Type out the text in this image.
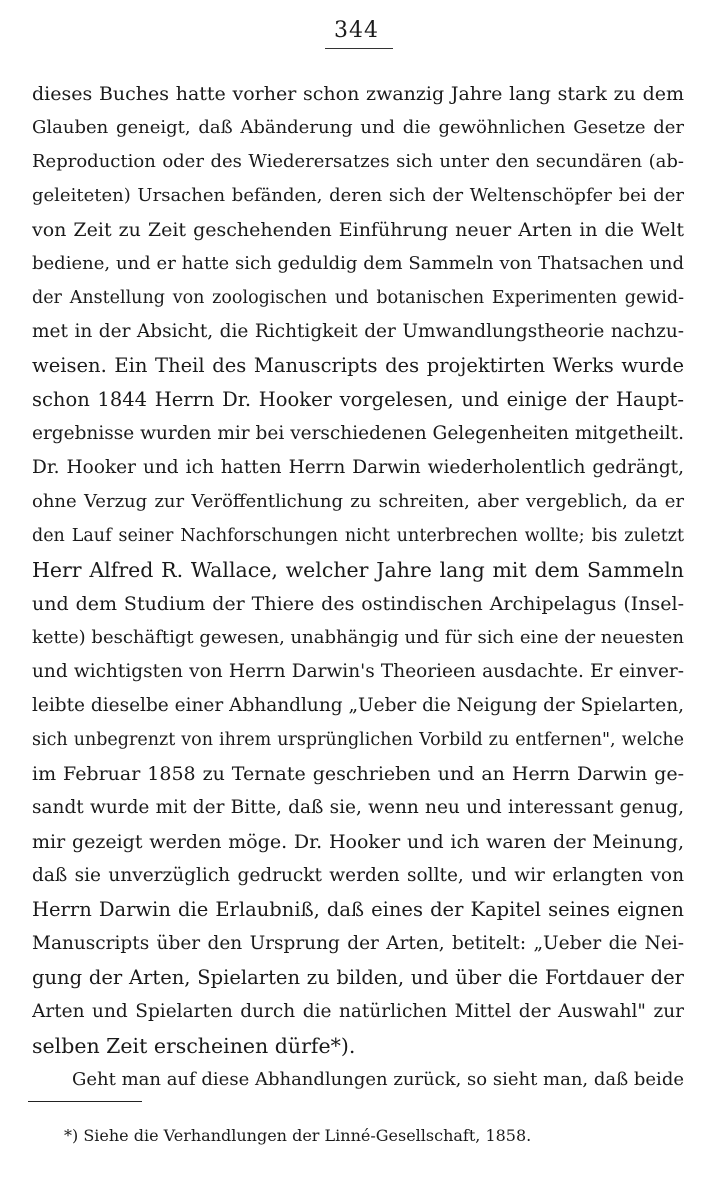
344
dieses Buches hatte vorher schon zwanzig Jahre lang stark zu dem
Glauben geneigt, daß Abänderung und die gewöhnlichen Gesetze der
Reproduction oder des Wiederersatzes sich unter den secundären (ab-
geleiteten) Ursachen befänden, deren sich der Weltenschöpfer bei der
von Zeit zu Zeit geschehenden Einführung neuer Arten in die Welt
bediene, und er hatte sich geduldig dem Sammeln von Thatsachen und
der Anstellung von zoologischen und botanischen Experimenten gewid-
met in der Absicht, die Richtigkeit der Umwandlungstheorie nachzu-
weisen. Ein Theil des Manuscripts des projektirten Werks wurde
schon 1844 Herrn Dr. Hooker vorgelesen, und einige der Haupt-
ergebnisse wurden mir bei verschiedenen Gelegenheiten mitgetheilt.
Dr. Hooker und ich hatten Herrn Darwin wiederholentlich gedrängt,
ohne Verzug zur Veröffentlichung zu schreiten, aber vergeblich, da er
den Lauf seiner Nachforschungen nicht unterbrechen wollte; bis zuletzt
Herr Alfred R. Wallace, welcher Jahre lang mit dem Sammeln
und dem Studium der Thiere des ostindischen Archipelagus (Insel-
kette) beschäftigt gewesen, unabhängig und für sich eine der neuesten
und wichtigsten von Herrn Darwin's Theorieen ausdachte. Er einver-
leibte dieselbe einer Abhandlung „Ueber die Neigung der Spielarten,
sich unbegrenzt von ihrem ursprünglichen Vorbild zu entfernen", welche
im Februar 1858 zu Ternate geschrieben und an Herrn Darwin ge-
sandt wurde mit der Bitte, daß sie, wenn neu und interessant genug,
mir gezeigt werden möge. Dr. Hooker und ich waren der Meinung,
daß sie unverzüglich gedruckt werden sollte, und wir erlangten von
Herrn Darwin die Erlaubniß, daß eines der Kapitel seines eignen
Manuscripts über den Ursprung der Arten, betitelt: „Ueber die Nei-
gung der Arten, Spielarten zu bilden, und über die Fortdauer der
Arten und Spielarten durch die natürlichen Mittel der Auswahl" zur
selben Zeit erscheinen dürfe*).
Geht man auf diese Abhandlungen zurück, so sieht man, daß beide
*) Siehe die Verhandlungen der Linné-Gesellschaft, 1858.
